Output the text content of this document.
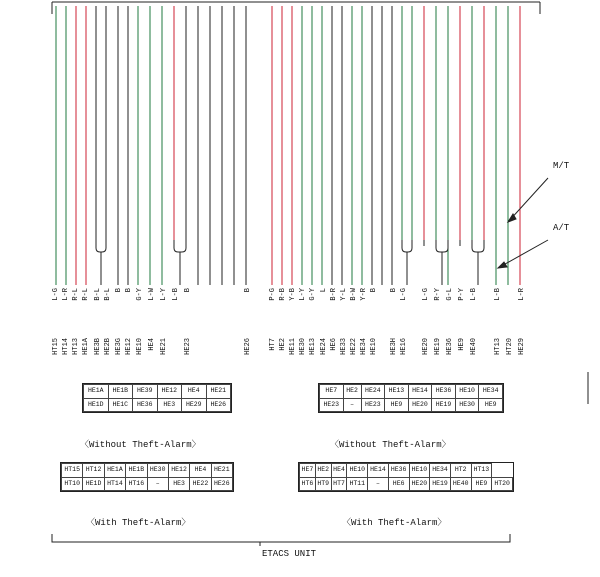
L-G L-R R-L R-L B-L B-L B B G-Y L-W L-Y L-B B	B P-G R-B Y-B L-Y G-Y L B-R Y-L B-W Y-R B B L-G L-G R-Y G-L P-Y L-B L-B L-R
HT15 HT14 HT13 HE1A HE3B HE2B HE3G HE12 HE10 HE4 HE21 HE23	HE26 HT7 HE2 HE11 HE30 HE13 HE24 HE6 HE33 HE22 HE34 HE10 HE3H HE16 HE20 HE19 HE36 HE9 HE40 HT13 HT20 HE29
HE1A	HE1B	HE39	HE12	HE4	HE21
HE1D	HE1C	HE36	HE3	HE29	HE26
〈Without Theft-Alarm〉
HE7	HE2	HE24	HE13	HE14	HE36	HE10	HE34
HE23	–	HE23	HE9	HE20	HE19	HE30	HE9
〈Without Theft-Alarm〉
HT15	HT12	HE1A	HE1B	HE30	HE12	HE4	HE21
HT10	HE1D	HT14	HT16	–	HE3	HE22	HE26
〈With Theft-Alarm〉
HE7	HE2	HE4	HE10	HE14	HE36	HE10	HE34	HT2	HT13	
HT6	HT9	HT7	HT11	–	HE6	HE20	HE19	HE40	HE9	HT20
〈With Theft-Alarm〉
M/T
A/T
ETACS UNIT
